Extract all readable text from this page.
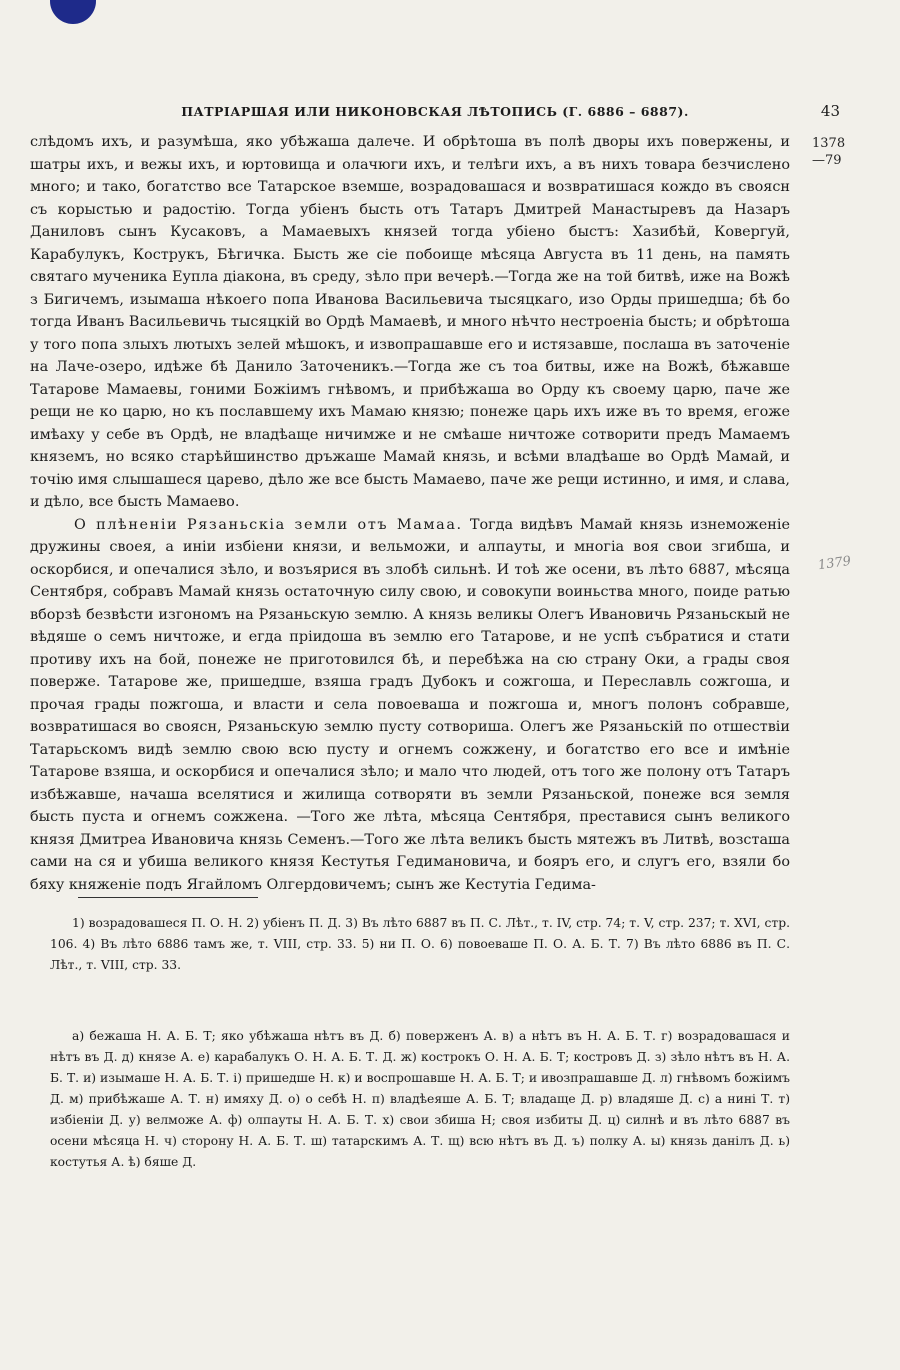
ПАТРІАРШАЯ ИЛИ НИКОНОВСКАЯ ЛѢТОПИСЬ (Г. 6886 – 6887).	43
1378
—79
1379

слѣдомъ ихъ, и разумѣша, яко убѣжаша далече. И обрѣтоша въ полѣ дворы ихъ повержены, и шатры ихъ, и вежы ихъ, и юртовища и олачюги ихъ, и телѣги ихъ, а въ нихъ товара безчислено много; и тако, богатство все Татарское вземше, возрадовашася и возвратишася кождо въ своясн съ корыстью и радостію. Тогда убіенъ бысть отъ Татаръ Дмитрей Манастыревъ да Назаръ Даниловъ сынъ Кусаковъ, а Мамаевыхъ князей тогда убіено быстъ: Хазибѣй, Ковергуй, Карабулукъ, Кострукъ, Бѣгичка. Бысть же сіе побоище мѣсяца Августа въ 11 день, на память святаго мученика Еупла діакона, въ среду, зѣло при вечерѣ.—Тогда же на той битвѣ, иже на Вожѣ з Бигичемъ, изымаша нѣкоего попа Иванова Васильевича тысяцкаго, изо Орды пришедша; бѣ бо тогда Иванъ Васильевичь тысяцкій во Ордѣ Мамаевѣ, и много нѣчто нестроеніа бысть; и обрѣтоша у того попа злыхъ лютыхъ зелей мѣшокъ, и извопрашавше его и истязавше, послаша въ заточеніе на Лаче-озеро, идѣже бѣ Данило Заточеникъ.—Тогда же съ тоа битвы, иже на Вожѣ, бѣжавше Татарове Мамаевы, гоними Божіимъ гнѣвомъ, и прибѣжаша во Орду къ своему царю, паче же рещи не ко царю, но къ пославшему ихъ Мамаю князю; понеже царь ихъ иже въ то время, егоже имѣаху у себе въ Ордѣ, не владѣаще ничимже и не смѣаше ничтоже сотворити предъ Мамаемъ княземъ, но всяко старѣйшинство дръжаше Мамай князь, и всѣми владѣаше во Ордѣ Мамай, и точію имя слышашеся царево, дѣло же все бысть Мамаево, паче же рещи истинно, и имя, и слава, и дѣло, все бысть Мамаево.

О плѣненіи Рязаньскіа земли отъ Мамаа. Тогда видѣвъ Мамай князь изнеможеніе дружины своея, а иніи избіени князи, и вельможи, и алпауты, и многіа воя свои згибша, и оскорбися, и опечалися зѣло, и возъярися въ злобѣ сильнѣ. И тоѣ же осени, въ лѣто 6887, мѣсяца Сентября, собравъ Мамай князь остаточную силу свою, и совокупи воиньства много, поиде ратью вборзѣ безвѣсти изгономъ на Рязаньскую землю. А князь великы Олегъ Ивановичь Рязаньскый не вѣдяше о семъ ничтоже, и егда пріидоша въ землю его Татарове, и не успѣ събратися и стати противу ихъ на бой, понеже не приготовился бѣ, и перебѣжа на сю страну Оки, а грады своя поверже. Татарове же, пришедше, взяша градъ Дубокъ и сожгоша, и Переславль сожгоша, и прочая грады пожгоша, и власти и села повоеваша и пожгоша и, многъ полонъ собравше, возвратишася во своясн, Рязаньскую землю пусту сотвориша. Олегъ же Рязаньскій по отшествіи Татарьскомъ видѣ землю свою всю пусту и огнемъ сожжену, и богатство его все и имѣніе Татарове взяша, и оскорбися и опечалися зѣло; и мало что людей, отъ того же полону отъ Татаръ избѣжавше, начаша вселятися и жилища сотворяти въ земли Рязаньской, понеже вся земля бысть пуста и огнемъ сожжена. —Того же лѣта, мѣсяца Сентября, преставися сынъ великого князя Дмитреа Ивановича князь Семенъ.—Того же лѣта великъ бысть мятежъ въ Литвѣ, возсташа сами на ся и убиша великого князя Кестутья Гедимановича, и бояръ его, и слугъ его, взяли бо бяху княженіе подъ Ягайломъ Олгердовичемъ; сынъ же Кестутіа Гедима-

1) возрадовашеся П. О. Н. 2) убіенъ П. Д. 3) Въ лѣто 6887 въ П. С. Лѣт., т. IV, стр. 74; т. V, стр. 237; т. XVI, стр. 106. 4) Въ лѣто 6886 тамъ же, т. VIII, стр. 33. 5) ни П. О. 6) повоеваше П. О. А. Б. Т. 7) Въ лѣто 6886 въ П. С. Лѣт., т. VIII, стр. 33.

а) бежаша Н. А. Б. Т; яко убѣжаша нѣтъ въ Д. б) поверженъ А. в) а нѣтъ въ Н. А. Б. Т. г) возрадовашася и нѣтъ въ Д. д) князе А. е) карабалукъ О. Н. А. Б. Т. Д. ж) кострокъ О. Н. А. Б. Т; костровъ Д. з) зѣло нѣтъ въ Н. А. Б. Т. и) изымаше Н. А. Б. Т. і) пришедше Н. к) и воспрошавше Н. А. Б. Т; и ивозпрашавше Д. л) гнѣвомъ божіимъ Д. м) прибѣжаше А. Т. н) имяху Д. о) о себѣ Н. п) владѣеяше А. Б. Т; владаще Д. р) владяше Д. с) а нині Т. т) избіеніи Д. у) велможе А. ф) олпауты Н. А. Б. Т. х) свои збиша Н; своя избиты Д. ц) силнѣ и въ лѣто 6887 въ осени мѣсяца Н. ч) сторону Н. А. Б. Т. ш) татарскимъ А. Т. щ) всю нѣтъ въ Д. ъ) полку А. ы) князь данілъ Д. ь) костутья А. ѣ) бяше Д.
